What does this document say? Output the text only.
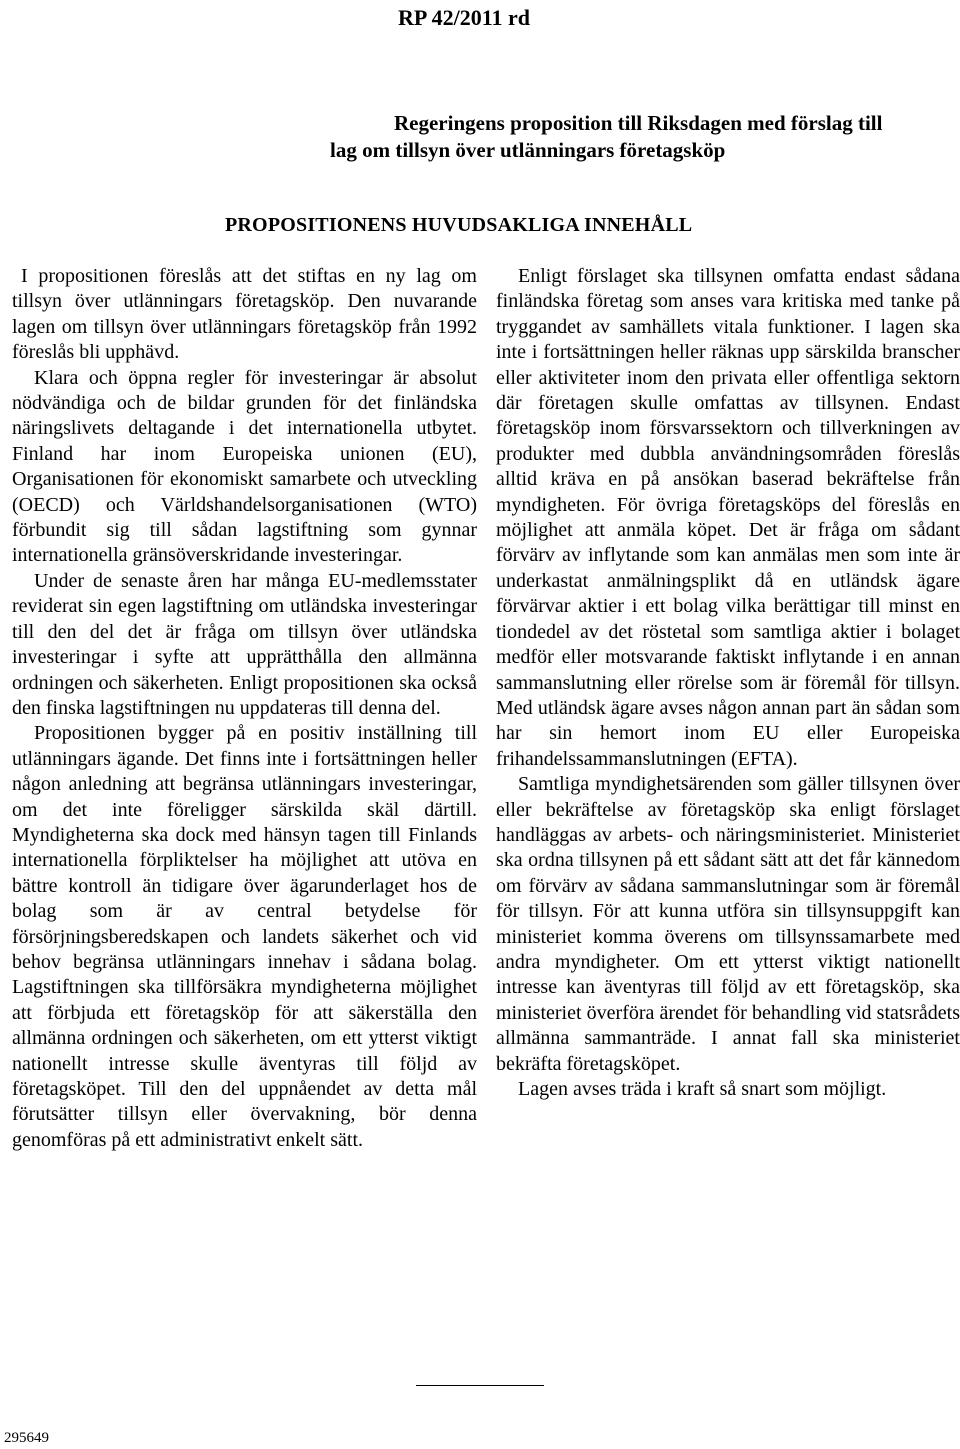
RP 42/2011 rd
Regeringens proposition till Riksdagen med förslag till
lag om tillsyn över utlänningars företagsköp
PROPOSITIONENS HUVUDSAKLIGA INNEHÅLL

I propositionen föreslås att det stiftas en ny lag om tillsyn över utlänningars företagsköp. Den nuvarande lagen om tillsyn över utlänningars företagsköp från 1992 föreslås bli upphävd.

Klara och öppna regler för investeringar är absolut nödvändiga och de bildar grunden för det finländska näringslivets deltagande i det internationella utbytet. Finland har inom Europeiska unionen (EU), Organisationen för ekonomiskt samarbete och utveckling (OECD) och Världshandelsorganisationen (WTO) förbundit sig till sådan lagstiftning som gynnar internationella gränsöverskridande investeringar.

Under de senaste åren har många EU-medlemsstater reviderat sin egen lagstiftning om utländska investeringar till den del det är fråga om tillsyn över utländska investeringar i syfte att upprätthålla den allmänna ordningen och säkerheten. Enligt propositionen ska också den finska lagstiftningen nu uppdateras till denna del.

Propositionen bygger på en positiv inställning till utlänningars ägande. Det finns inte i fortsättningen heller någon anledning att begränsa utlänningars investeringar, om det inte föreligger särskilda skäl därtill. Myndigheterna ska dock med hänsyn tagen till Finlands internationella förpliktelser ha möjlighet att utöva en bättre kontroll än tidigare över ägarunderlaget hos de bolag som är av central betydelse för försörjningsberedskapen och landets säkerhet och vid behov begränsa utlänningars innehav i sådana bolag. Lagstiftningen ska tillförsäkra myndigheterna möjlighet att förbjuda ett företagsköp för att säkerställa den allmänna ordningen och säkerheten, om ett ytterst viktigt nationellt intresse skulle äventyras till följd av företagsköpet. Till den del uppnåendet av detta mål förutsätter tillsyn eller övervakning, bör denna genomföras på ett administrativt enkelt sätt.

Enligt förslaget ska tillsynen omfatta endast sådana finländska företag som anses vara kritiska med tanke på tryggandet av samhällets vitala funktioner. I lagen ska inte i fortsättningen heller räknas upp särskilda branscher eller aktiviteter inom den privata eller offentliga sektorn där företagen skulle omfattas av tillsynen. Endast företagsköp inom försvarssektorn och tillverkningen av produkter med dubbla användningsområden föreslås alltid kräva en på ansökan baserad bekräftelse från myndigheten. För övriga företagsköps del föreslås en möjlighet att anmäla köpet. Det är fråga om sådant förvärv av inflytande som kan anmälas men som inte är underkastat anmälningsplikt då en utländsk ägare förvärvar aktier i ett bolag vilka berättigar till minst en tiondedel av det röstetal som samtliga aktier i bolaget medför eller motsvarande faktiskt inflytande i en annan sammanslutning eller rörelse som är föremål för tillsyn. Med utländsk ägare avses någon annan part än sådan som har sin hemort inom EU eller Europeiska frihandelssammanslutningen (EFTA).

Samtliga myndighetsärenden som gäller tillsynen över eller bekräftelse av företagsköp ska enligt förslaget handläggas av arbets- och näringsministeriet. Ministeriet ska ordna tillsynen på ett sådant sätt att det får kännedom om förvärv av sådana sammanslutningar som är föremål för tillsyn. För att kunna utföra sin tillsynsuppgift kan ministeriet komma överens om tillsynssamarbete med andra myndigheter. Om ett ytterst viktigt nationellt intresse kan äventyras till följd av ett företagsköp, ska ministeriet överföra ärendet för behandling vid statsrådets allmänna sammanträde. I annat fall ska ministeriet bekräfta företagsköpet.

Lagen avses träda i kraft så snart som möjligt.

295649
